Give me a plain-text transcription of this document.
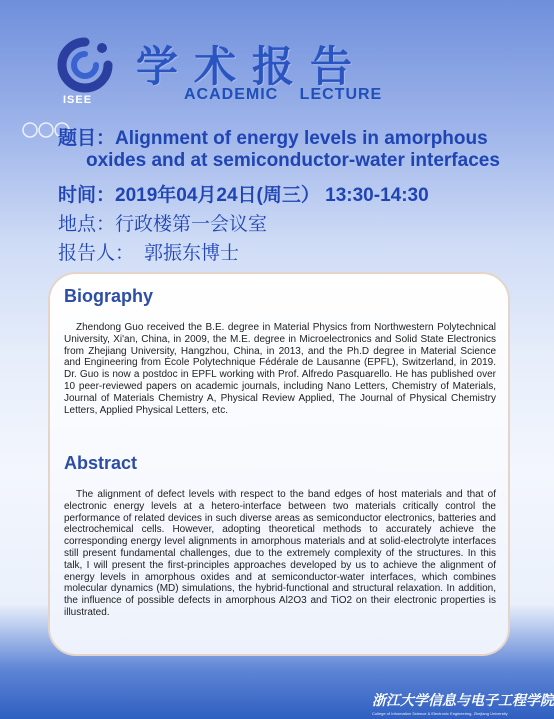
ISEE
学术报告
ACADEMIC LECTURE
题目：Alignment of energy levels in amorphous
oxides and at semiconductor-water interfaces
时间：2019年04月24日(周三） 13:30-14:30
地点：行政楼第一会议室
报告人： 郭振东博士
Biography
Zhendong Guo received the B.E. degree in Material Physics from Northwestern Polytechnical University, Xi'an, China, in 2009, the M.E. degree in Microelectronics and Solid State Electronics from Zhejiang University, Hangzhou, China, in 2013, and the Ph.D degree in Material Science and Engineering from École Polytechnique Fédérale de Lausanne (EPFL), Switzerland, in 2019. Dr. Guo is now a postdoc in EPFL working with Prof. Alfredo Pasquarello. He has published over 10 peer-reviewed papers on academic journals, including Nano Letters, Chemistry of Materials, Journal of Materials Chemistry A, Physical Review Applied, The Journal of Physical Chemistry Letters, Applied Physical Letters, etc.
Abstract
The alignment of defect levels with respect to the band edges of host materials and that of electronic energy levels at a hetero-interface between two materials critically control the performance of related devices in such diverse areas as semiconductor electronics, batteries and electrochemical cells. However, adopting theoretical methods to accurately achieve the corresponding energy level alignments in amorphous materials and at solid-electrolyte interfaces still present fundamental challenges, due to the extremely complexity of the structures. In this talk, I will present the first-principles approaches developed by us to achieve the alignment of energy levels in amorphous oxides and at semiconductor-water interfaces, which combines molecular dynamics (MD) simulations, the hybrid-functional and structural relaxation. In addition, the influence of possible defects in amorphous Al2O3 and TiO2 on their electronic properties is illustrated.
浙江大学信息与电子工程学院
College of Information Science & Electronic Engineering, Zhejiang University
